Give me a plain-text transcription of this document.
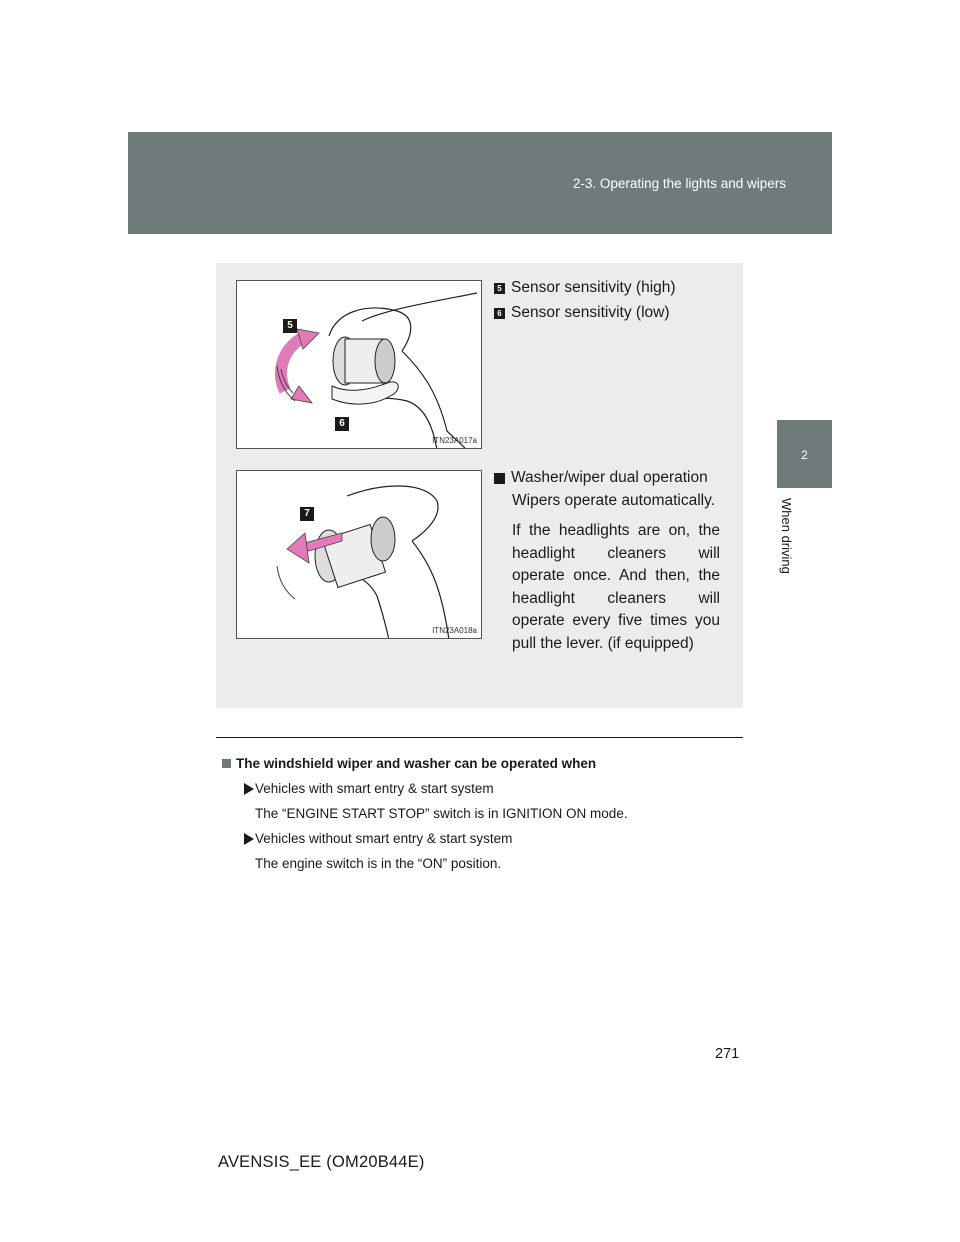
2-3. Operating the lights and wipers
2
When driving
5
6
ITN23A017a
7
ITN23A018a

5 Sensor sensitivity (high)

6 Sensor sensitivity (low)

7 Washer/wiper dual operation

Wipers operate automatically.

If the headlights are on, the headlight cleaners will operate once. And then, the headlight cleaners will operate every five times you pull the lever. (if equipped)

The windshield wiper and washer can be operated when
Vehicles with smart entry & start system
The “ENGINE START STOP” switch is in IGNITION ON mode.
Vehicles without smart entry & start system
The engine switch is in the “ON” position.
271
AVENSIS_EE (OM20B44E)
